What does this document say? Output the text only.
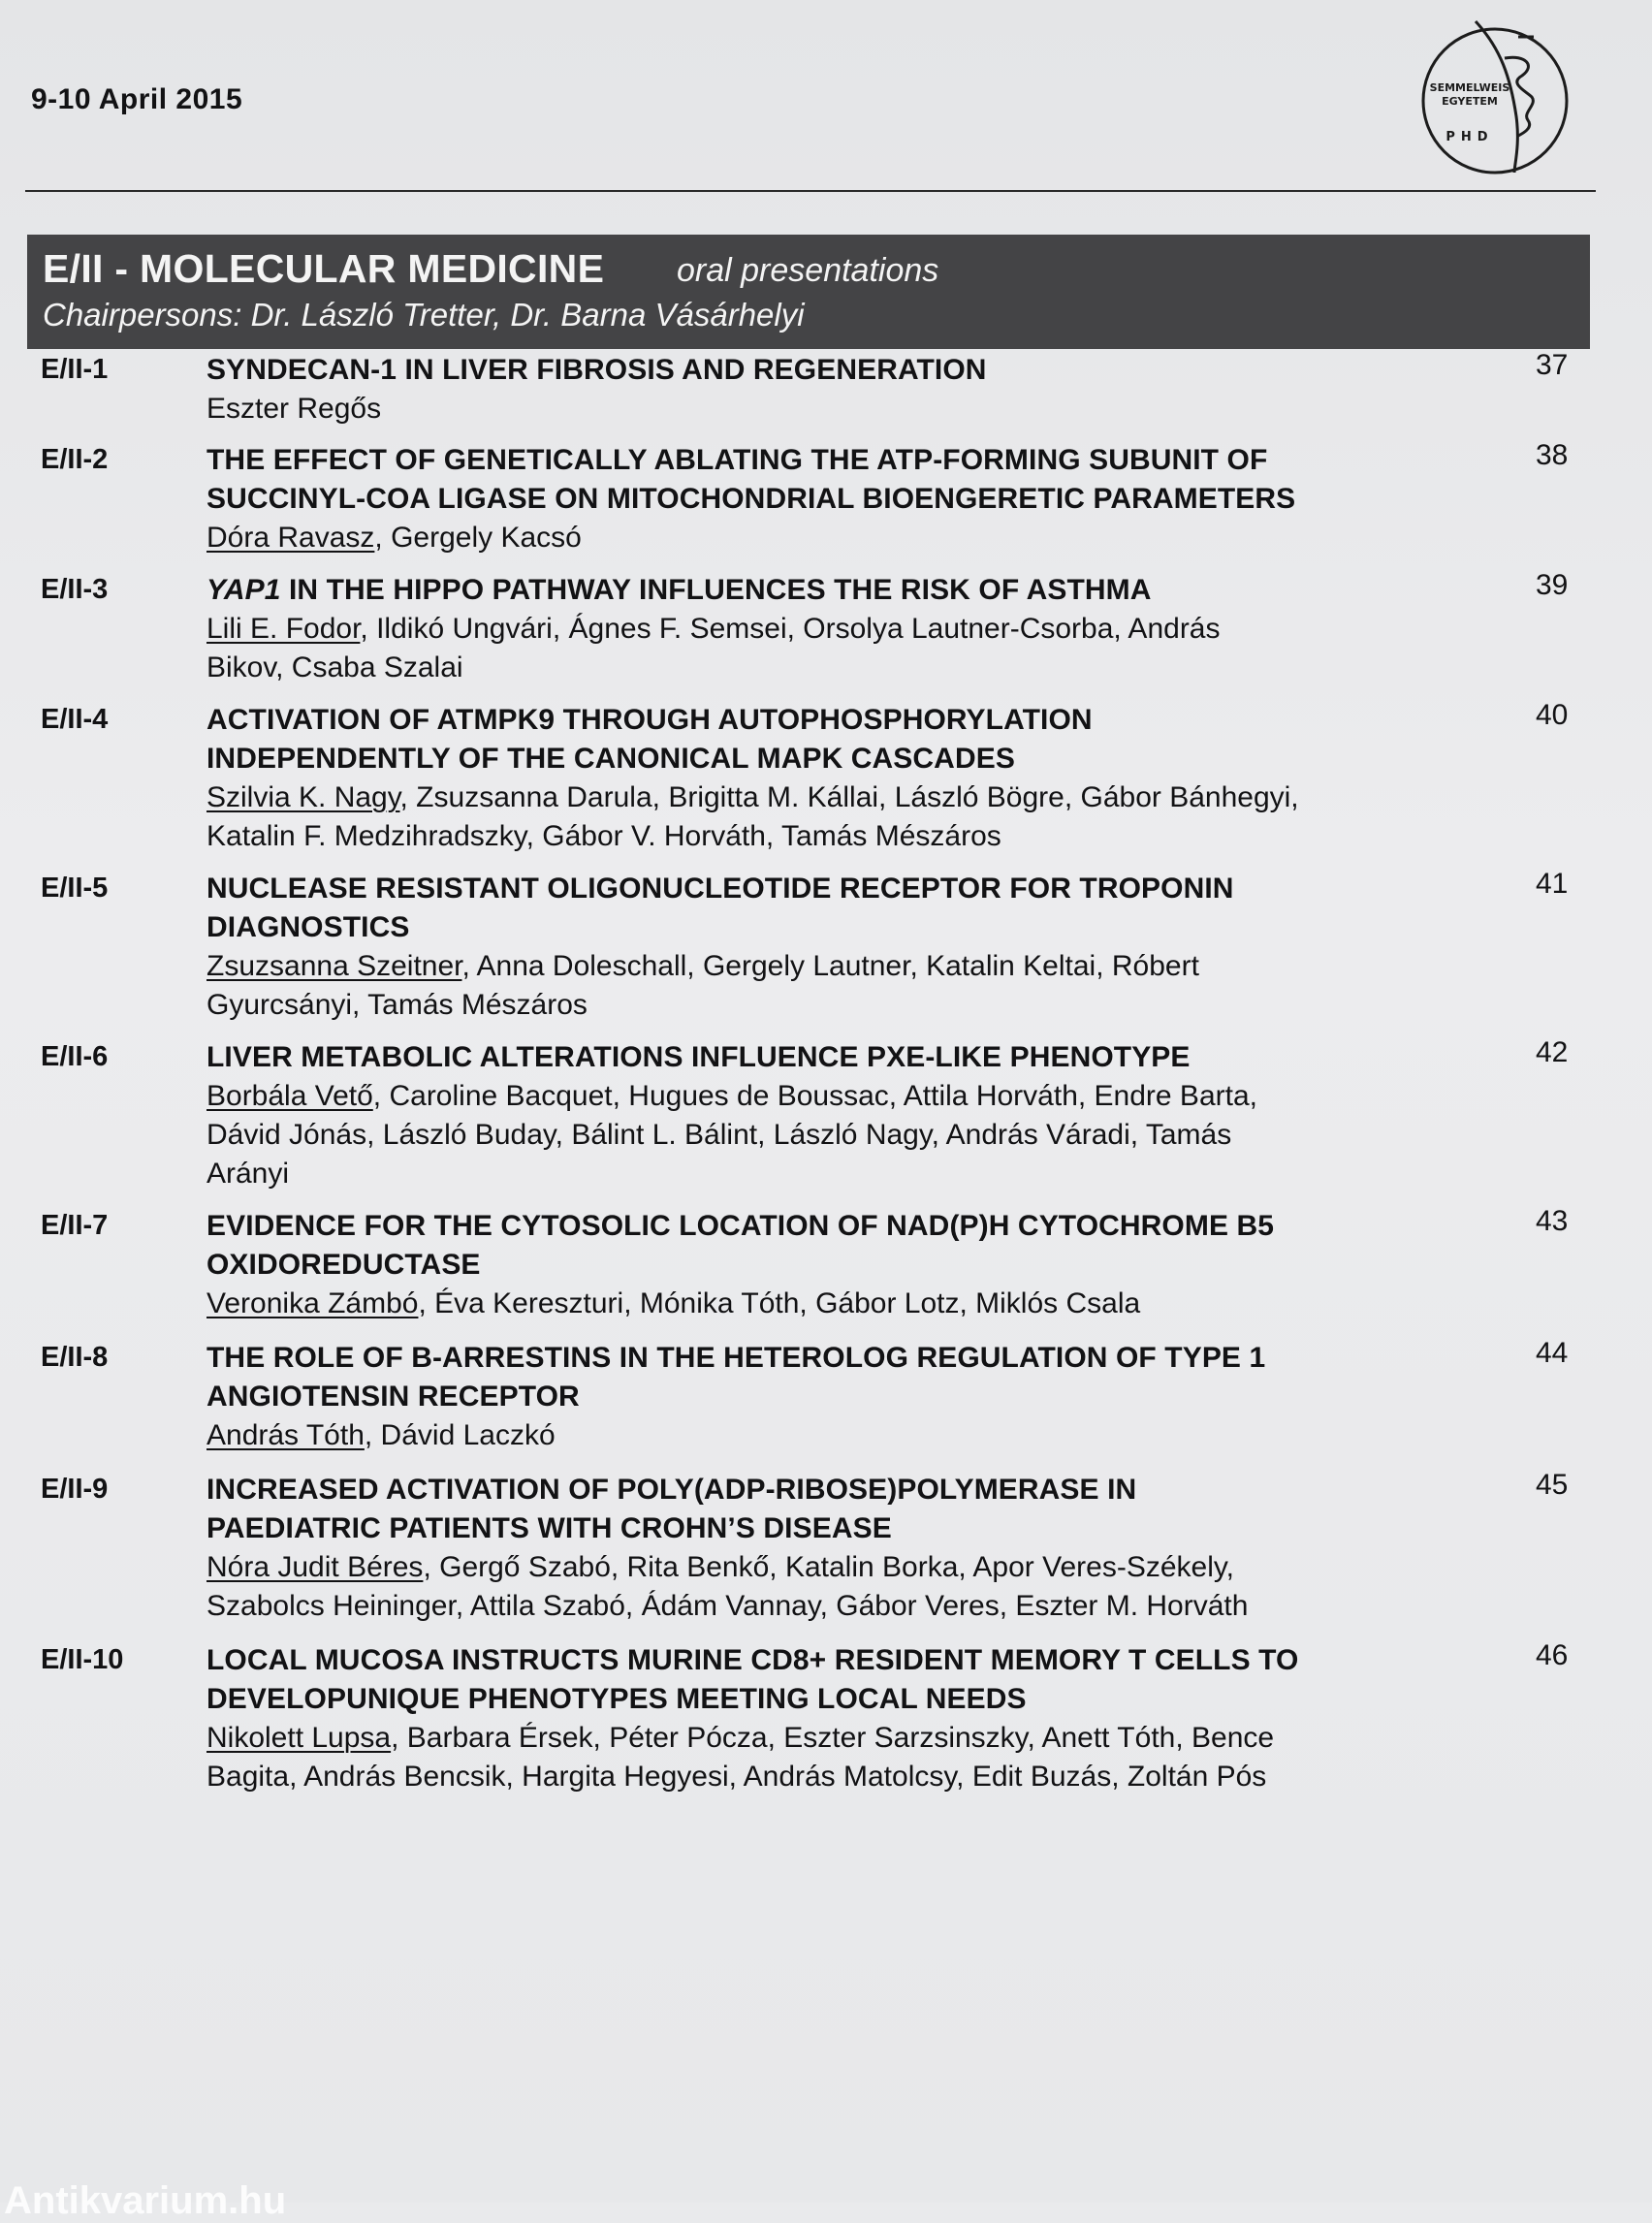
9-10 April 2015	SEMMELWEIS
EGYETEM
PHD
E/II - MOLECULAR MEDICINE oral presentations
Chairpersons: Dr. László Tretter, Dr. Barna Vásárhelyi
E/II-1	37
SYNDECAN-1 IN LIVER FIBROSIS AND REGENERATION
Eszter Regős
E/II-2	38
THE EFFECT OF GENETICALLY ABLATING THE ATP-FORMING SUBUNIT OF
SUCCINYL-COA LIGASE ON MITOCHONDRIAL BIOENGERETIC PARAMETERS
Dóra Ravasz, Gergely Kacsó
E/II-3	39
YAP1 IN THE HIPPO PATHWAY INFLUENCES THE RISK OF ASTHMA
Lili E. Fodor, Ildikó Ungvári, Ágnes F. Semsei, Orsolya Lautner-Csorba, András
Bikov, Csaba Szalai
E/II-4	40
ACTIVATION OF ATMPK9 THROUGH AUTOPHOSPHORYLATION
INDEPENDENTLY OF THE CANONICAL MAPK CASCADES
Szilvia K. Nagy, Zsuzsanna Darula, Brigitta M. Kállai, László Bögre, Gábor Bánhegyi,
Katalin F. Medzihradszky, Gábor V. Horváth, Tamás Mészáros
E/II-5	41
NUCLEASE RESISTANT OLIGONUCLEOTIDE RECEPTOR FOR TROPONIN
DIAGNOSTICS
Zsuzsanna Szeitner, Anna Doleschall, Gergely Lautner, Katalin Keltai, Róbert
Gyurcsányi, Tamás Mészáros
E/II-6	42
LIVER METABOLIC ALTERATIONS INFLUENCE PXE-LIKE PHENOTYPE
Borbála Vető, Caroline Bacquet, Hugues de Boussac, Attila Horváth, Endre Barta,
Dávid Jónás, László Buday, Bálint L. Bálint, László Nagy, András Váradi, Tamás
Arányi
E/II-7	43
EVIDENCE FOR THE CYTOSOLIC LOCATION OF NAD(P)H CYTOCHROME B5
OXIDOREDUCTASE
Veronika Zámbó, Éva Kereszturi, Mónika Tóth, Gábor Lotz, Miklós Csala
E/II-8	44
THE ROLE OF B-ARRESTINS IN THE HETEROLOG REGULATION OF TYPE 1
ANGIOTENSIN RECEPTOR
András Tóth, Dávid Laczkó
E/II-9	45
INCREASED ACTIVATION OF POLY(ADP-RIBOSE)POLYMERASE IN
PAEDIATRIC PATIENTS WITH CROHN’S DISEASE
Nóra Judit Béres, Gergő Szabó, Rita Benkő, Katalin Borka, Apor Veres-Székely,
Szabolcs Heininger, Attila Szabó, Ádám Vannay, Gábor Veres, Eszter M. Horváth
E/II-10	46
LOCAL MUCOSA INSTRUCTS MURINE CD8+ RESIDENT MEMORY T CELLS TO
DEVELOPUNIQUE PHENOTYPES MEETING LOCAL NEEDS
Nikolett Lupsa, Barbara Érsek, Péter Pócza, Eszter Sarzsinszky, Anett Tóth, Bence
Bagita, András Bencsik, Hargita Hegyesi, András Matolcsy, Edit Buzás, Zoltán Pós
Antikvarium.hu
